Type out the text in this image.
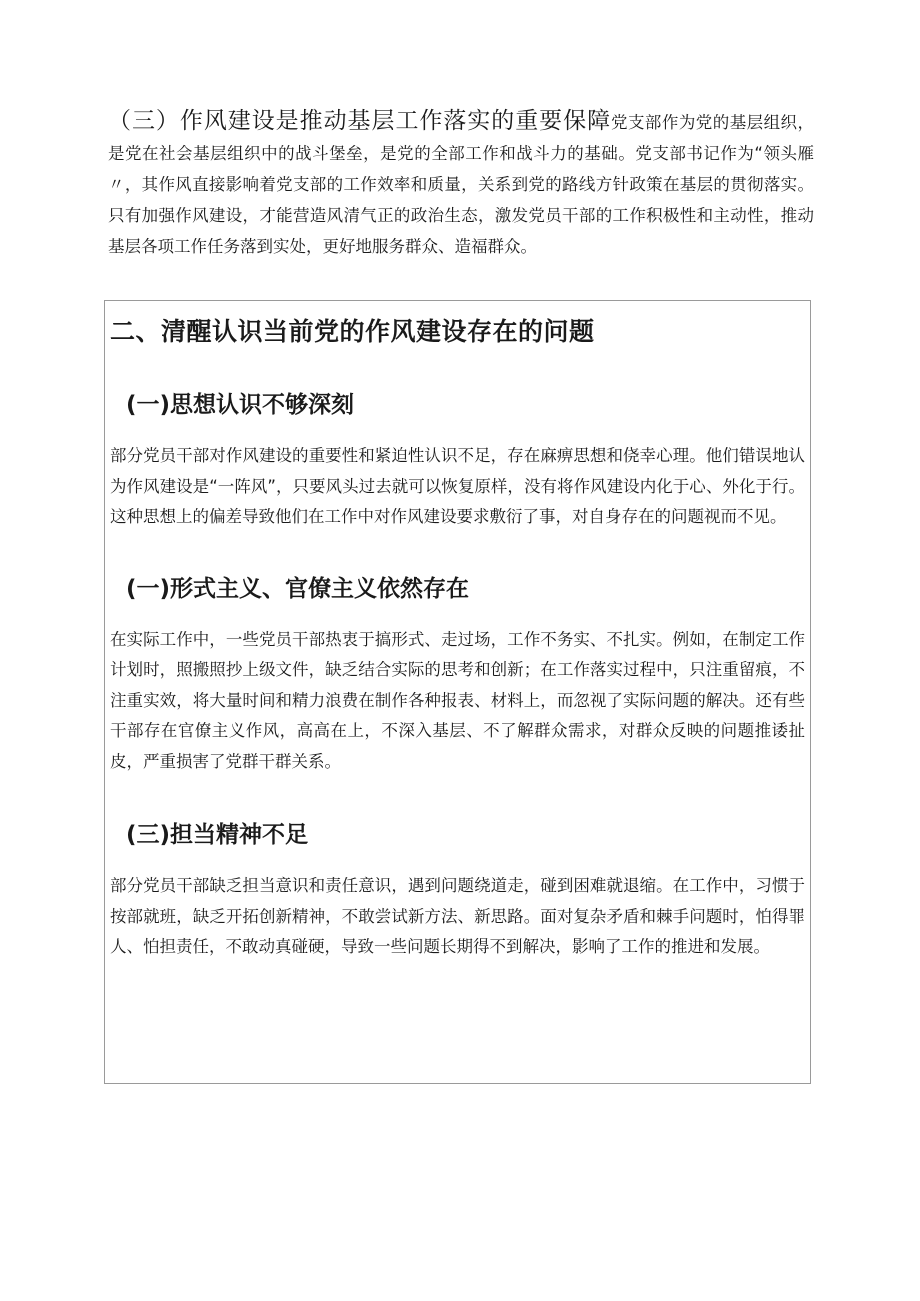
（三）作风建设是推动基层工作落实的重要保障党支部作为党的基层组织，是党在社会基层组织中的战斗堡垒，是党的全部工作和战斗力的基础。党支部书记作为“领头雁〃，其作风直接影响着党支部的工作效率和质量，关系到党的路线方针政策在基层的贯彻落实。只有加强作风建设，才能营造风清气正的政治生态，激发党员干部的工作积极性和主动性，推动基层各项工作任务落到实处，更好地服务群众、造福群众。

二、清醒认识当前党的作风建设存在的问题
(一)思想认识不够深刻

部分党员干部对作风建设的重要性和紧迫性认识不足，存在麻痹思想和侥幸心理。他们错误地认为作风建设是“一阵风”，只要风头过去就可以恢复原样，没有将作风建设内化于心、外化于行。这种思想上的偏差导致他们在工作中对作风建设要求敷衍了事，对自身存在的问题视而不见。

(一)形式主义、官僚主义依然存在

在实际工作中，一些党员干部热衷于搞形式、走过场，工作不务实、不扎实。例如，在制定工作计划时，照搬照抄上级文件，缺乏结合实际的思考和创新；在工作落实过程中，只注重留痕，不注重实效，将大量时间和精力浪费在制作各种报表、材料上，而忽视了实际问题的解决。还有些干部存在官僚主义作风，高高在上，不深入基层、不了解群众需求，对群众反映的问题推诿扯皮，严重损害了党群干群关系。

(三)担当精神不足

部分党员干部缺乏担当意识和责任意识，遇到问题绕道走，碰到困难就退缩。在工作中，习惯于按部就班，缺乏开拓创新精神，不敢尝试新方法、新思路。面对复杂矛盾和棘手问题时，怕得罪人、怕担责任，不敢动真碰硬，导致一些问题长期得不到解决，影响了工作的推进和发展。
